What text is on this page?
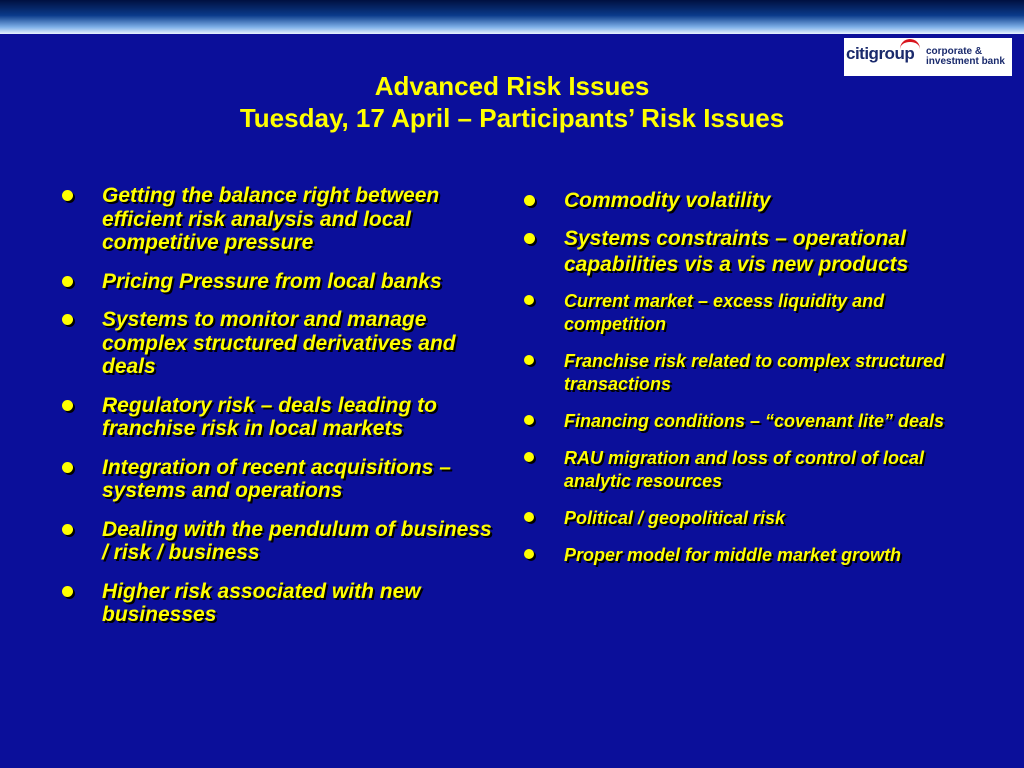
citigroup corporate &
investment bank
Advanced Risk Issues
Tuesday, 17 April – Participants’ Risk Issues
Getting the balance right between efficient risk analysis and local competitive pressure
Pricing Pressure from local banks
Systems to monitor and manage complex structured derivatives and deals
Regulatory risk – deals leading to franchise risk in local markets
Integration of recent acquisitions – systems and operations
Dealing with the pendulum of business / risk / business
Higher risk associated with new businesses
Commodity volatility
Systems constraints – operational capabilities vis a vis new products
Current market – excess liquidity and competition
Franchise risk related to complex structured transactions
Financing conditions – “covenant lite” deals
RAU migration and loss of control of local analytic resources
Political / geopolitical risk
Proper model for middle market growth
